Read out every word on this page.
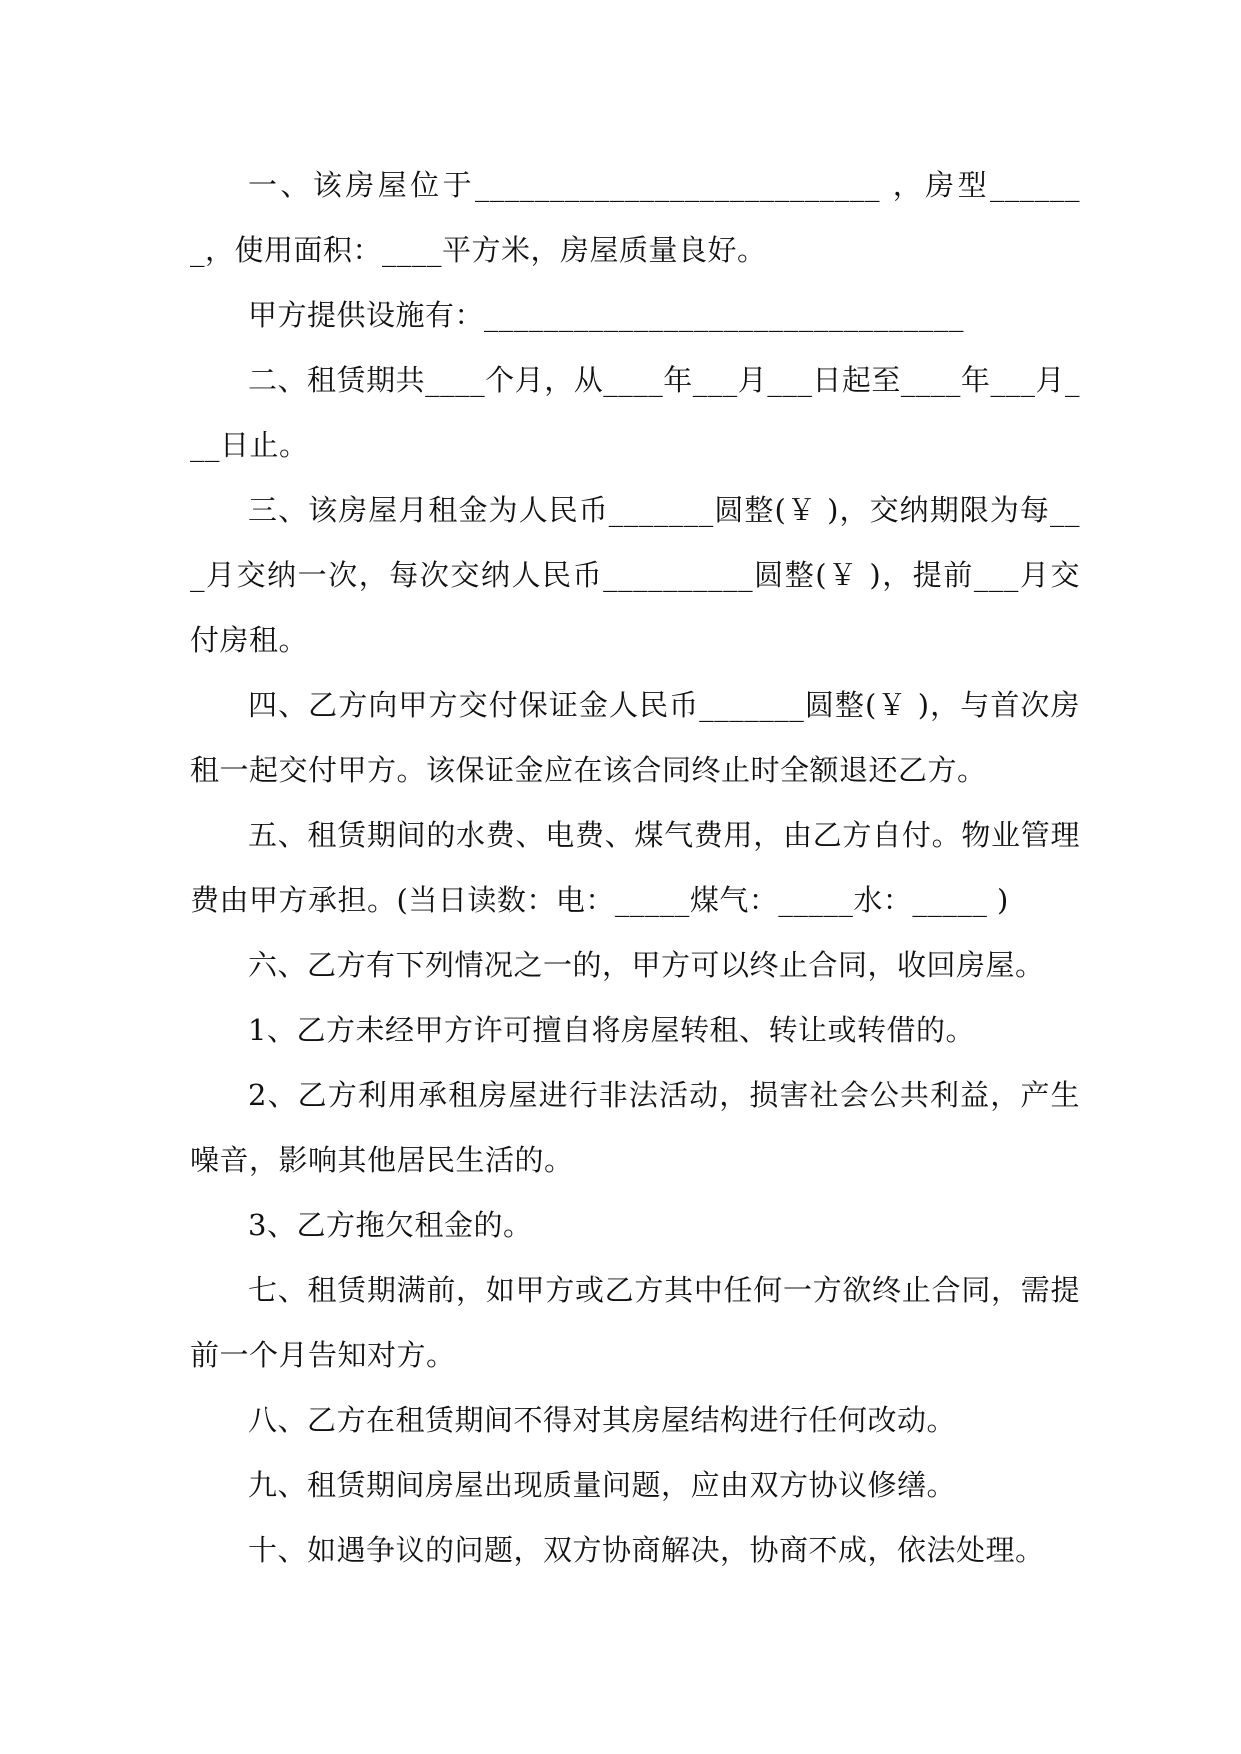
一、该房屋位于___________________________ ，房型_______，使用面积：____平方米，房屋质量良好。

甲方提供设施有：________________________________

二、租赁期共____个月，从____年___月___日起至____年___月___日止。

三、该房屋月租金为人民币_______圆整(￥ )，交纳期限为每___月交纳一次，每次交纳人民币__________圆整(￥ )，提前___月交付房租。

四、乙方向甲方交付保证金人民币_______圆整(￥ )，与首次房租一起交付甲方。该保证金应在该合同终止时全额退还乙方。

五、租赁期间的水费、电费、煤气费用，由乙方自付。物业管理费由甲方承担。(当日读数：电：_____煤气：_____水：_____ )

六、乙方有下列情况之一的，甲方可以终止合同，收回房屋。

1、乙方未经甲方许可擅自将房屋转租、转让或转借的。

2、乙方利用承租房屋进行非法活动，损害社会公共利益，产生噪音，影响其他居民生活的。

3、乙方拖欠租金的。

七、租赁期满前，如甲方或乙方其中任何一方欲终止合同，需提前一个月告知对方。

八、乙方在租赁期间不得对其房屋结构进行任何改动。

九、租赁期间房屋出现质量问题，应由双方协议修缮。

十、如遇争议的问题，双方协商解决，协商不成，依法处理。
